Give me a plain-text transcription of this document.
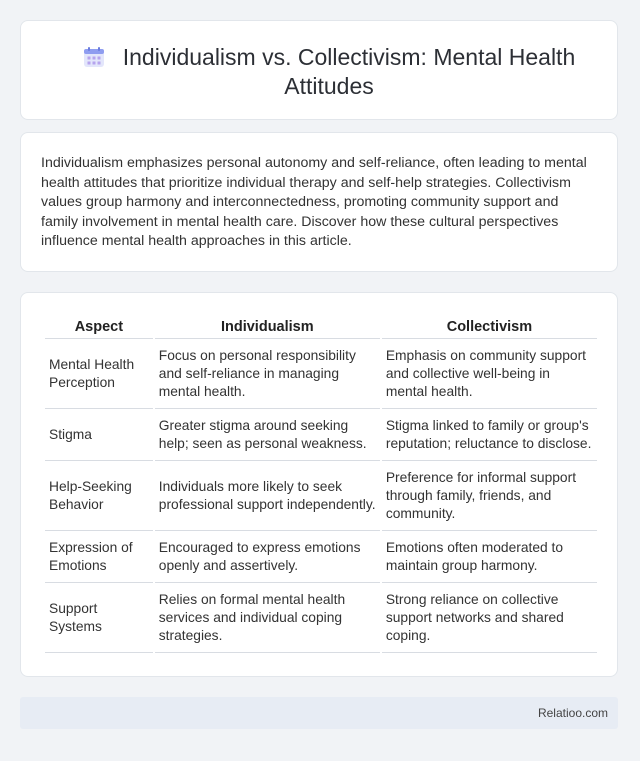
Individualism vs. Collectivism: Mental Health Attitudes
Individualism emphasizes personal autonomy and self-reliance, often leading to mental health attitudes that prioritize individual therapy and self-help strategies. Collectivism values group harmony and interconnectedness, promoting community support and family involvement in mental health care. Discover how these cultural perspectives influence mental health approaches in this article.
Aspect	Individualism	Collectivism
Mental Health Perception	Focus on personal responsibility and self-reliance in managing mental health.	Emphasis on community support and collective well-being in mental health.
Stigma	Greater stigma around seeking help; seen as personal weakness.	Stigma linked to family or group's reputation; reluctance to disclose.
Help-Seeking Behavior	Individuals more likely to seek professional support independently.	Preference for informal support through family, friends, and community.
Expression of Emotions	Encouraged to express emotions openly and assertively.	Emotions often moderated to maintain group harmony.
Support Systems	Relies on formal mental health services and individual coping strategies.	Strong reliance on collective support networks and shared coping.
Relatioo.com
